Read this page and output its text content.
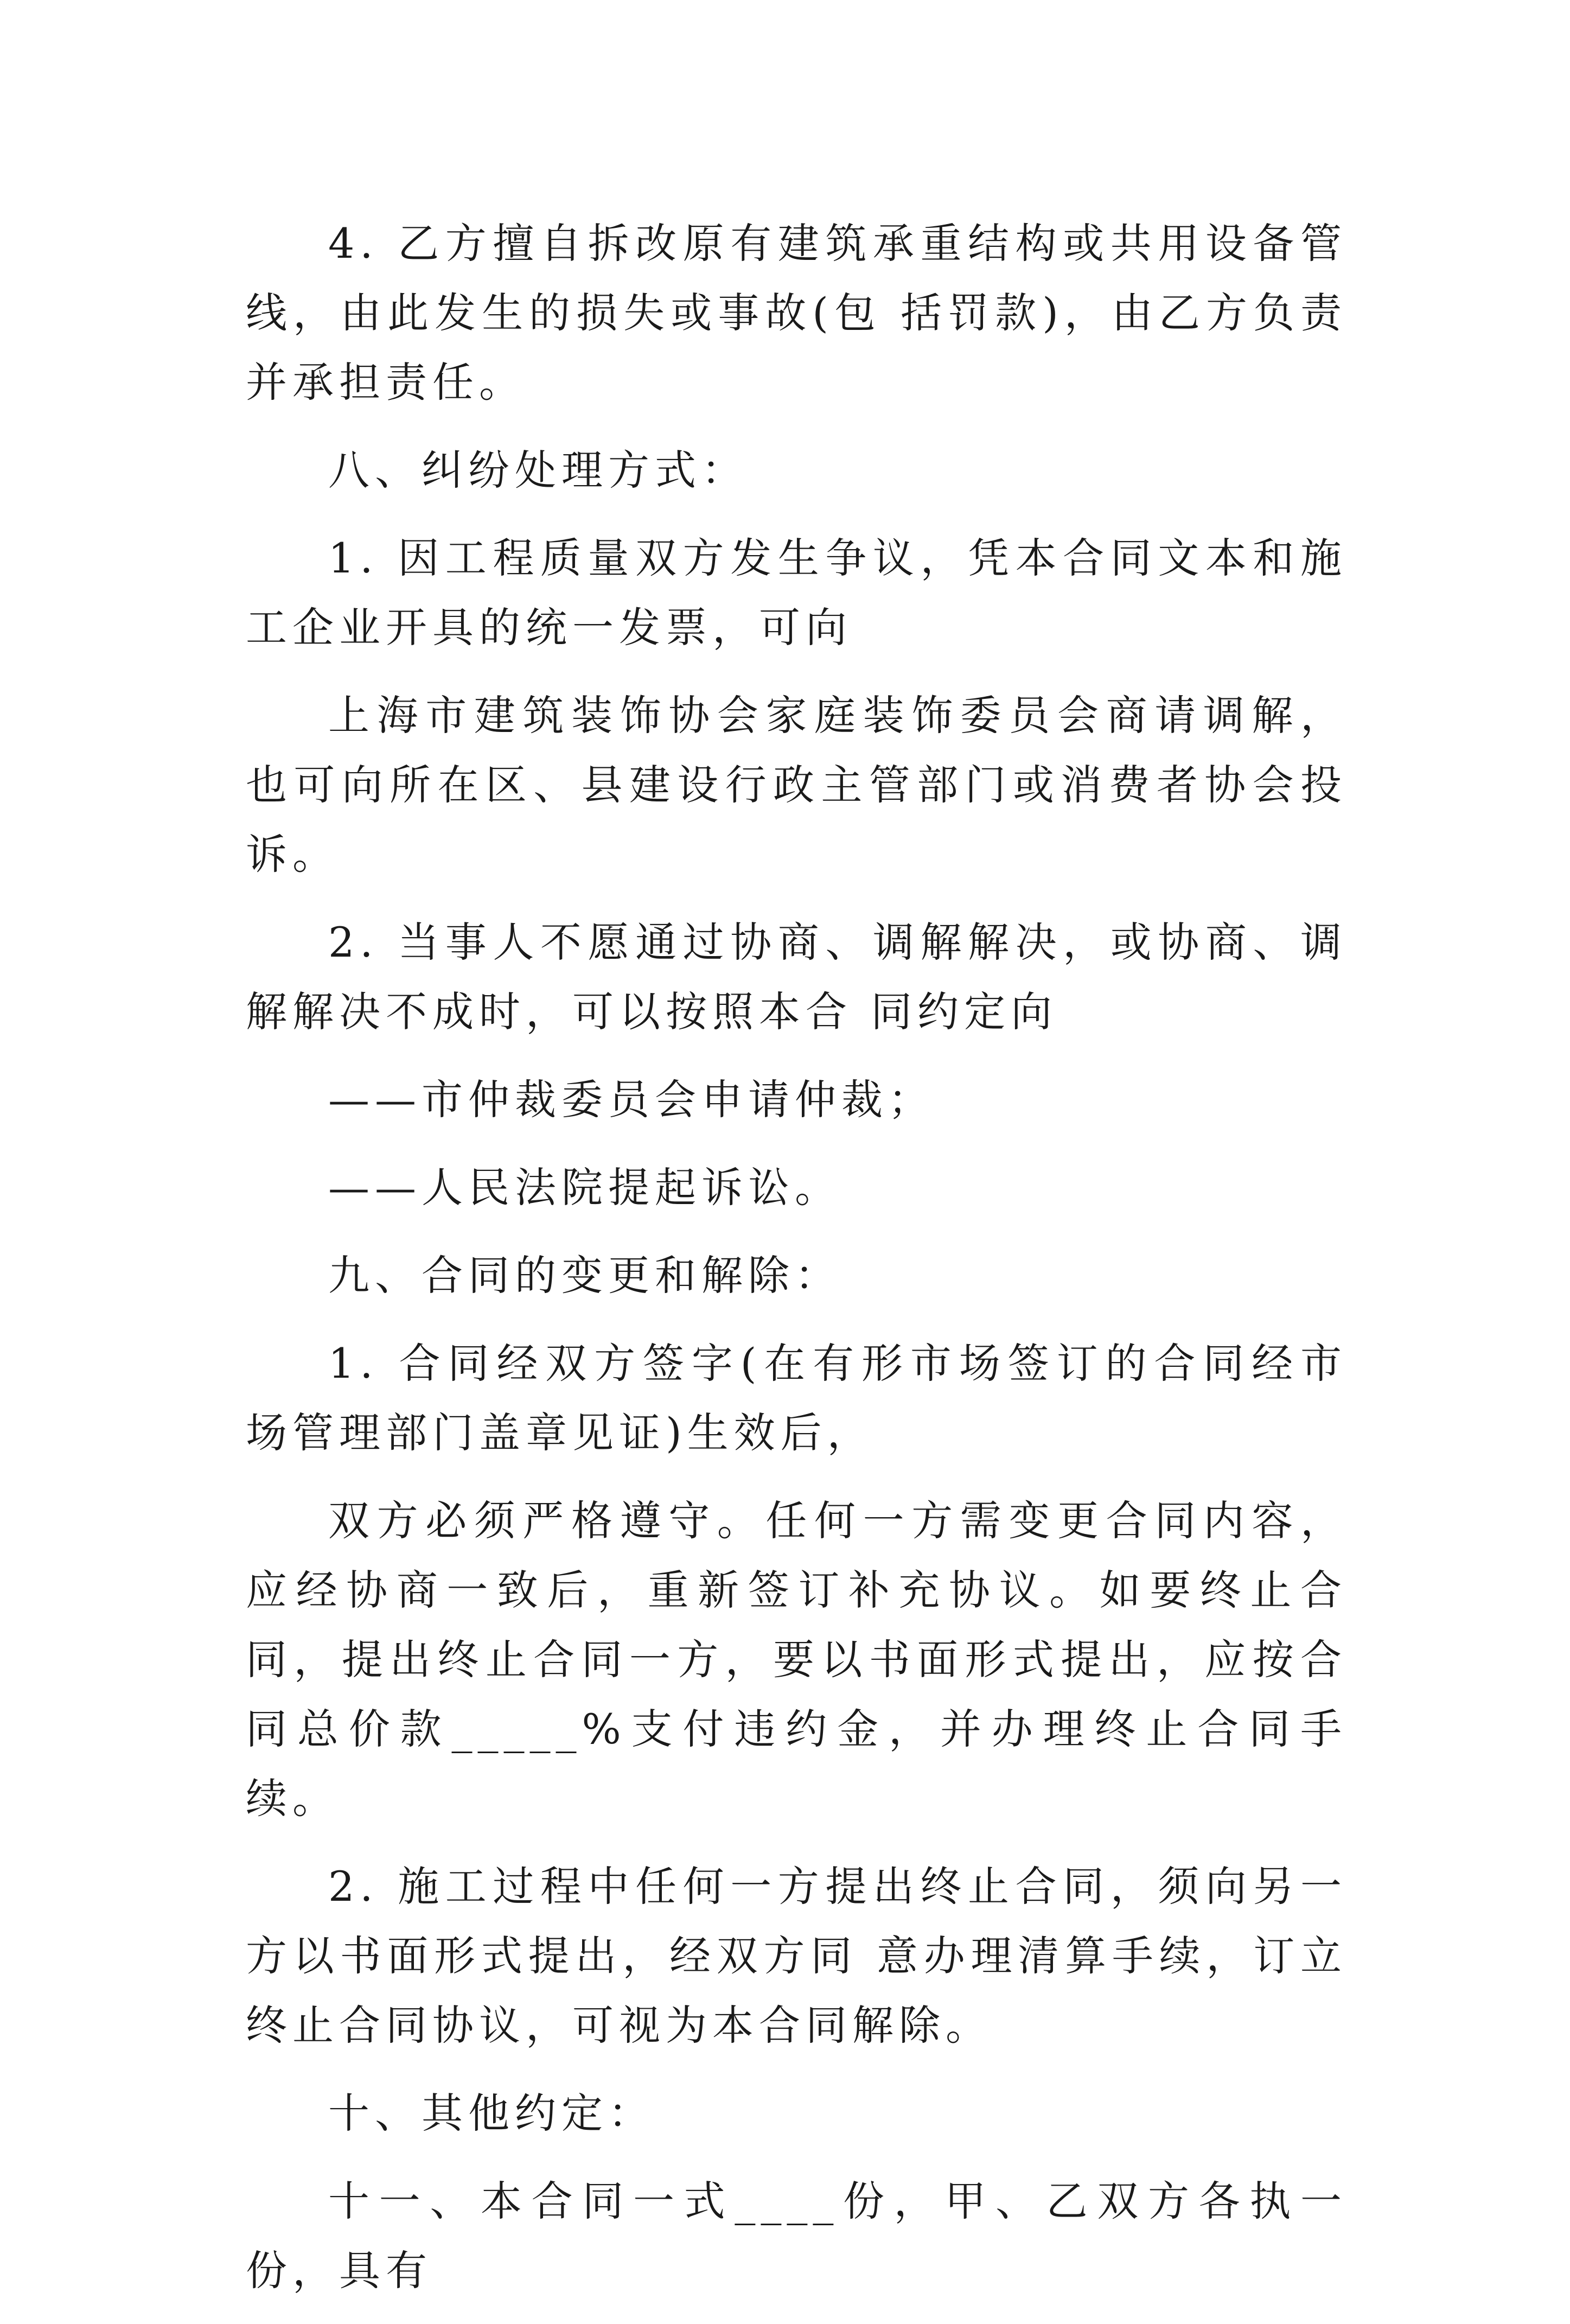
4. 乙方擅自拆改原有建筑承重结构或共用设备管线，由此发生的损失或事故(包 括罚款)，由乙方负责并承担责任。

八、纠纷处理方式：

1. 因工程质量双方发生争议，凭本合同文本和施工企业开具的统一发票，可向

上海市建筑装饰协会家庭装饰委员会商请调解，也可向所在区、县建设行政主管部门或消费者协会投诉。

2. 当事人不愿通过协商、调解解决，或协商、调解解决不成时，可以按照本合 同约定向

——市仲裁委员会申请仲裁；

——人民法院提起诉讼。

九、合同的变更和解除：

1. 合同经双方签字(在有形市场签订的合同经市场管理部门盖章见证)生效后，

双方必须严格遵守。任何一方需变更合同内容，应经协商一致后，重新签订补充协议。如要终止合同，提出终止合同一方，要以书面形式提出，应按合同总价款_____%支付违约金，并办理终止合同手续。

2. 施工过程中任何一方提出终止合同，须向另一方以书面形式提出，经双方同 意办理清算手续，订立终止合同协议，可视为本合同解除。

十、其他约定：

十一、本合同一式____份，甲、乙双方各执一份，具有
